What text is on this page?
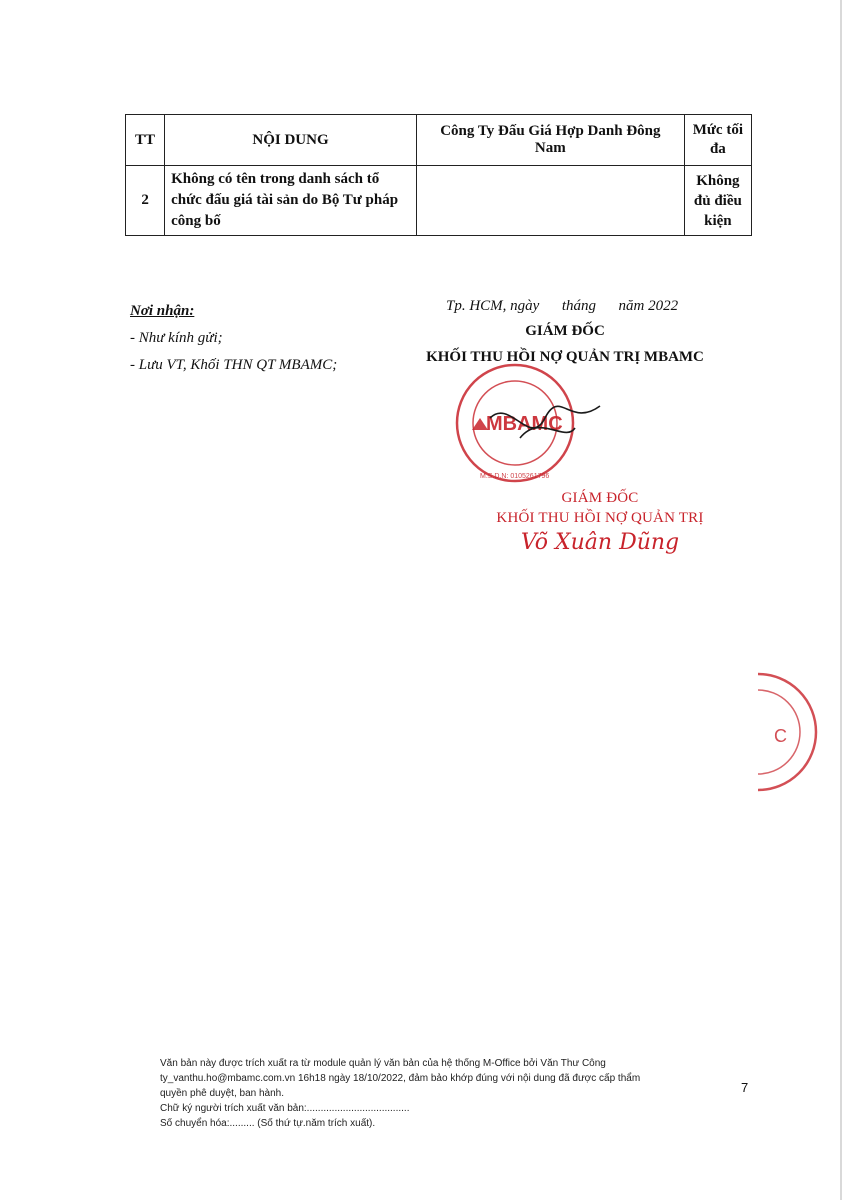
TT	NỘI DUNG	Công Ty Đấu Giá Hợp Danh Đông Nam	Mức tối đa
2	Không có tên trong danh sách tổ chức đấu giá tài sản do Bộ Tư pháp công bố		Không đủ điều kiện
Nơi nhận:
- Như kính gửi;
- Lưu VT, Khối THN QT MBAMC;
Tp. HCM, ngày      tháng      năm 2022
GIÁM ĐỐC
KHỐI THU HỒI NỢ QUẢN TRỊ MBAMC
MBAMC
M.S.D.N: 0105261796
C
GIÁM ĐỐC
KHỐI THU HỒI NỢ QUẢN TRỊ
Võ Xuân Dũng
Văn bản này được trích xuất ra từ module quản lý văn bản của hệ thống M-Office bởi Văn Thư Công
ty_vanthu.ho@mbamc.com.vn 16h18 ngày 18/10/2022, đảm bảo khớp đúng với nội dung đã được cấp thẩm
quyền phê duyệt, ban hành.
Chữ ký người trích xuất văn bản:.....................................
Số chuyển hóa:......... (Số thứ tự.năm trích xuất).
7
